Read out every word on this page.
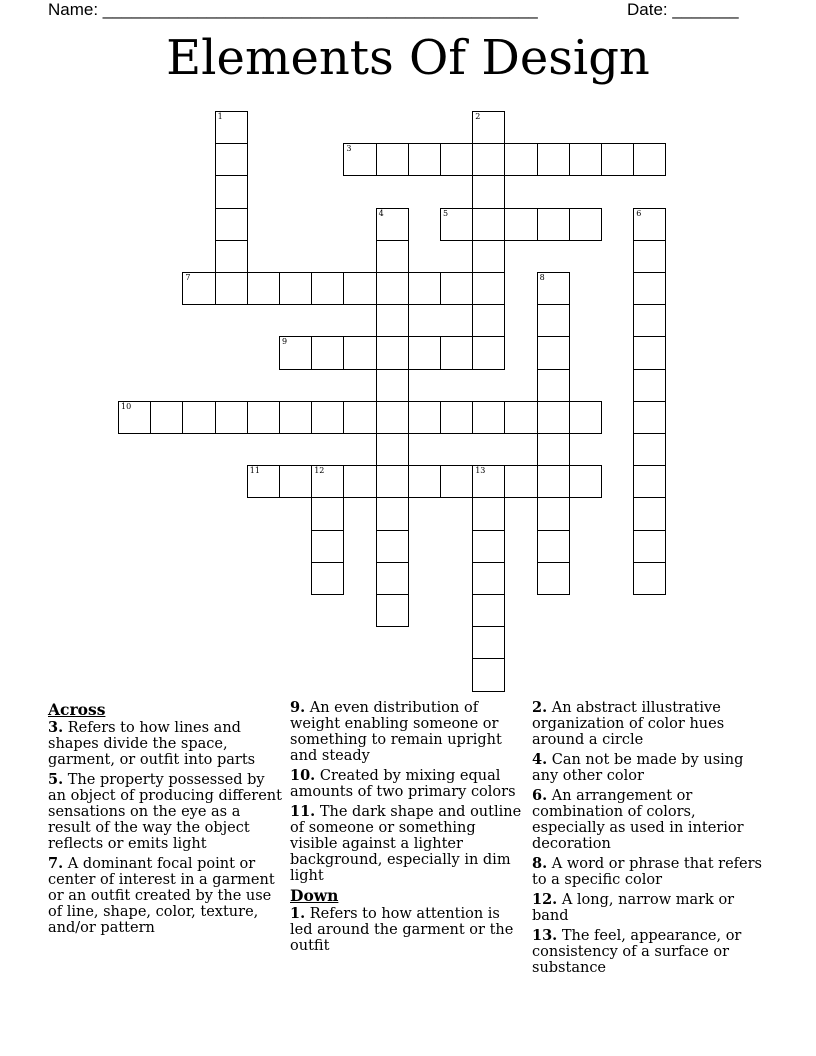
Name: ______________________________________________	Date: _______
Elements Of Design
1	2
3
4	5	6
7	8
9
10
11	12	13
Across
3. Refers to how lines and shapes divide the space, garment, or outfit into parts
5. The property possessed by an object of producing different sensations on the eye as a result of the way the object reflects or emits light
7. A dominant focal point or center of interest in a garment or an outfit created by the use of line, shape, color, texture, and/or pattern
9. An even distribution of weight enabling someone or something to remain upright and steady
10. Created by mixing equal amounts of two primary colors
11. The dark shape and outline of someone or something visible against a lighter background, especially in dim light
Down
1. Refers to how attention is led around the garment or the outfit
2. An abstract illustrative organization of color hues around a circle
4. Can not be made by using any other color
6. An arrangement or combination of colors, especially as used in interior decoration
8. A word or phrase that refers to a specific color
12. A long, narrow mark or band
13. The feel, appearance, or consistency of a surface or substance
